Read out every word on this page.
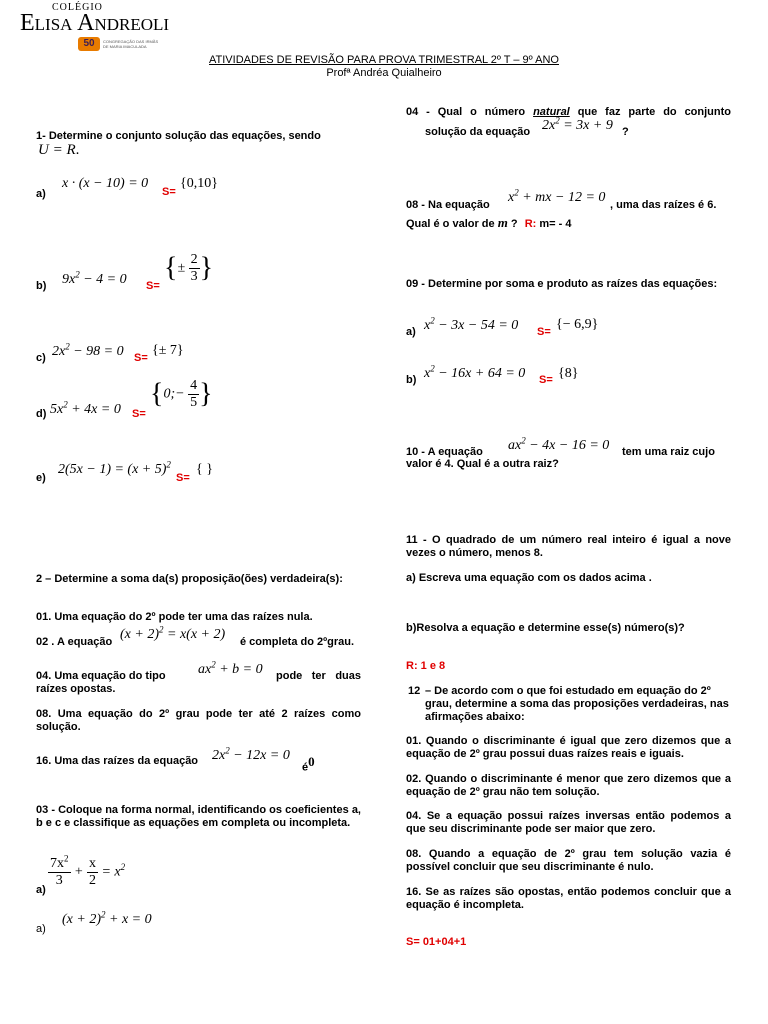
COLÉGIO
Elisa Andreoli
50	CONGREGAÇÃO DAS IRMÃS DE MARIA IMACULADA
ATIVIDADES DE REVISÃO PARA PROVA TRIMESTRAL 2º T – 9º ANO
Profª Andréa Quialheiro
1- Determine o conjunto solução das equações, sendo
U = R.
a)
x · (x − 10) = 0
S=
{0,10}
b) $9x^2 - 4 = 0$ S=
{± $\frac{2}{3}$ }
c) $2x^2 - 98 = 0$ S= {± 7}
d) $5x^2 + 4x = 0$ S=
{0;− $\frac{4}{5}$ }
e)
$2(5x - 1) = (x + 5)^2$
S=
{ }
2 – Determine a soma da(s) proposição(ões) verdadeira(s):
01. Uma equação do 2º pode ter uma das raízes nula.
02 . A equação $(x + 2)^2 = x(x + 2)$ é completa do 2ºgrau.
04. Uma equação do tipo $ax^2 + b = 0$	pode ter duas raízes opostas.
08. Uma equação do 2º grau pode ter até 2 raízes como solução.
16. Uma das raízes da equação $2x^2 - 12x = 0$
é0
03 - Coloque na forma normal, identificando os coeficientes a, b e c e classifique as equações em completa ou incompleta.
a)
$\frac{7x^2}{3} + \frac{x}{2} = x^2$
a)
$(x + 2)^2 + x = 0$
04 - Qual o número natural que faz parte do conjunto
solução da equação $2x^2 = 3x + 9$ ?
08 - Na equação $x^2$ + mx − 12 = 0 , uma das raízes é 6.
Qual é o valor de m ? R: m= - 4
09 - Determine por soma e produto as raízes das equações:
a) $x^2 - 3x - 54 = 0$ S= {− 6,9}
b) $x^2 - 16x + 64 = 0$ S= {8}
10 - A equação $ax^2 - 4x - 16 = 0$ tem uma raiz cujo
valor é 4. Qual é a outra raiz?
11 - O quadrado de um número real inteiro é igual a nove vezes o número, menos 8.
a) Escreva uma equação com os dados acima .
b)Resolva a equação e determine esse(s) número(s)?
R: 1 e 8
12 – De acordo com o que foi estudado em equação do 2º grau, determine a soma das proposições verdadeiras, nas afirmações abaixo:
01. Quando o discriminante é igual que zero dizemos que a equação de 2º grau possui duas raízes reais e iguais.
02. Quando o discriminante é menor que zero dizemos que a equação de 2º grau não tem solução.
04. Se a equação possui raízes inversas então podemos a que seu discriminante pode ser maior que zero.
08. Quando a equação de 2º grau tem solução vazia é possível concluir que seu discriminante é nulo.
16. Se as raízes são opostas, então podemos concluir que a equação é incompleta.
S= 01+04+1
